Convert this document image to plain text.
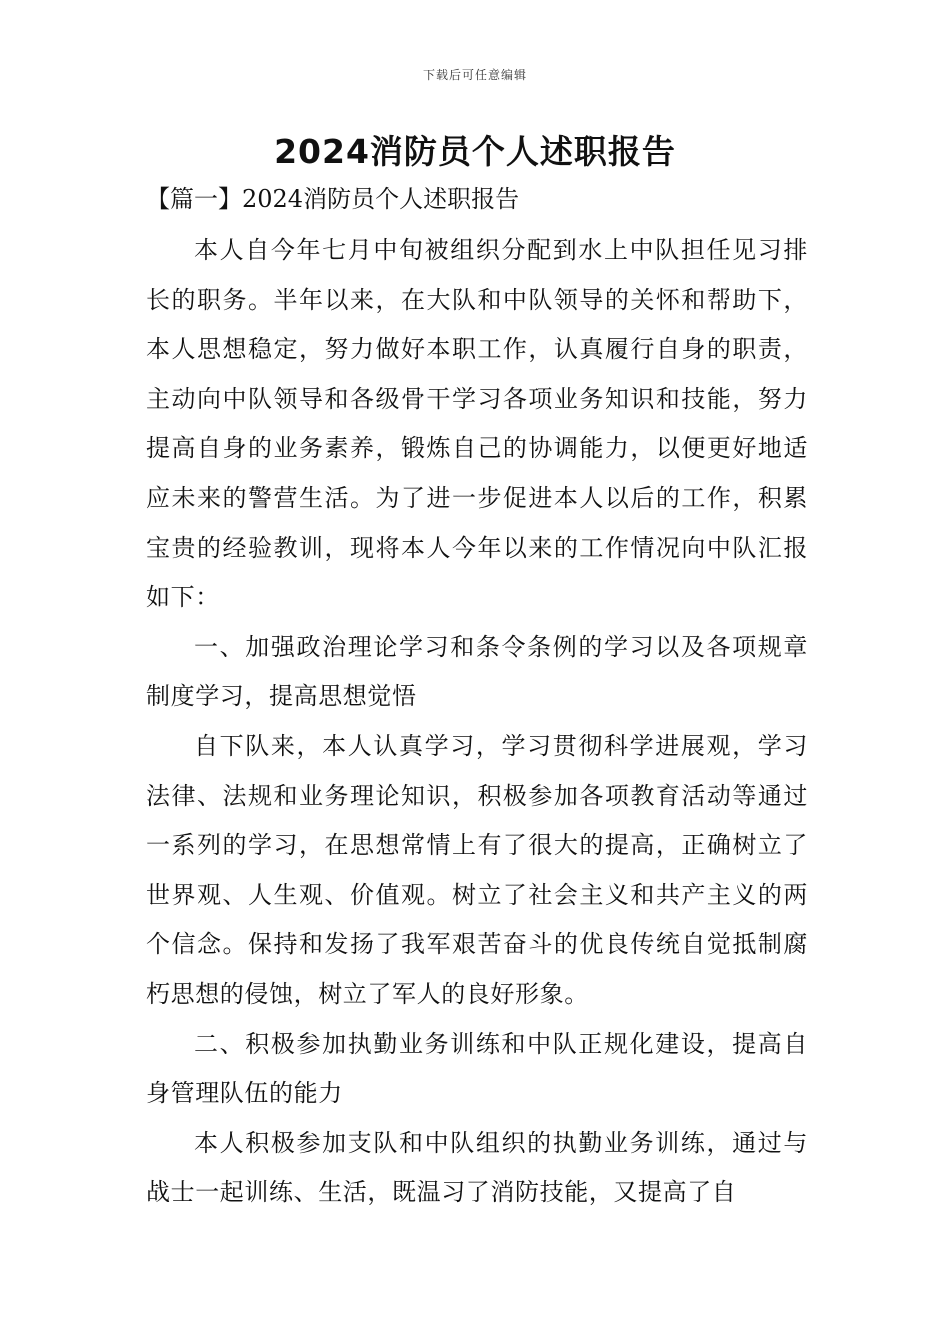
下载后可任意编辑
2024消防员个人述职报告
【篇一】2024消防员个人述职报告

本人自今年七月中旬被组织分配到水上中队担任见习排长的职务。半年以来，在大队和中队领导的关怀和帮助下，本人思想稳定，努力做好本职工作，认真履行自身的职责，主动向中队领导和各级骨干学习各项业务知识和技能，努力提高自身的业务素养，锻炼自己的协调能力，以便更好地适应未来的警营生活。为了进一步促进本人以后的工作，积累宝贵的经验教训，现将本人今年以来的工作情况向中队汇报如下：

一、加强政治理论学习和条令条例的学习以及各项规章制度学习，提高思想觉悟

自下队来，本人认真学习，学习贯彻科学进展观，学习法律、法规和业务理论知识，积极参加各项教育活动等通过一系列的学习，在思想常情上有了很大的提高，正确树立了世界观、人生观、价值观。树立了社会主义和共产主义的两个信念。保持和发扬了我军艰苦奋斗的优良传统自觉抵制腐朽思想的侵蚀，树立了军人的良好形象。

二、积极参加执勤业务训练和中队正规化建设，提高自身管理队伍的能力

本人积极参加支队和中队组织的执勤业务训练，通过与战士一起训练、生活，既温习了消防技能，又提高了自
